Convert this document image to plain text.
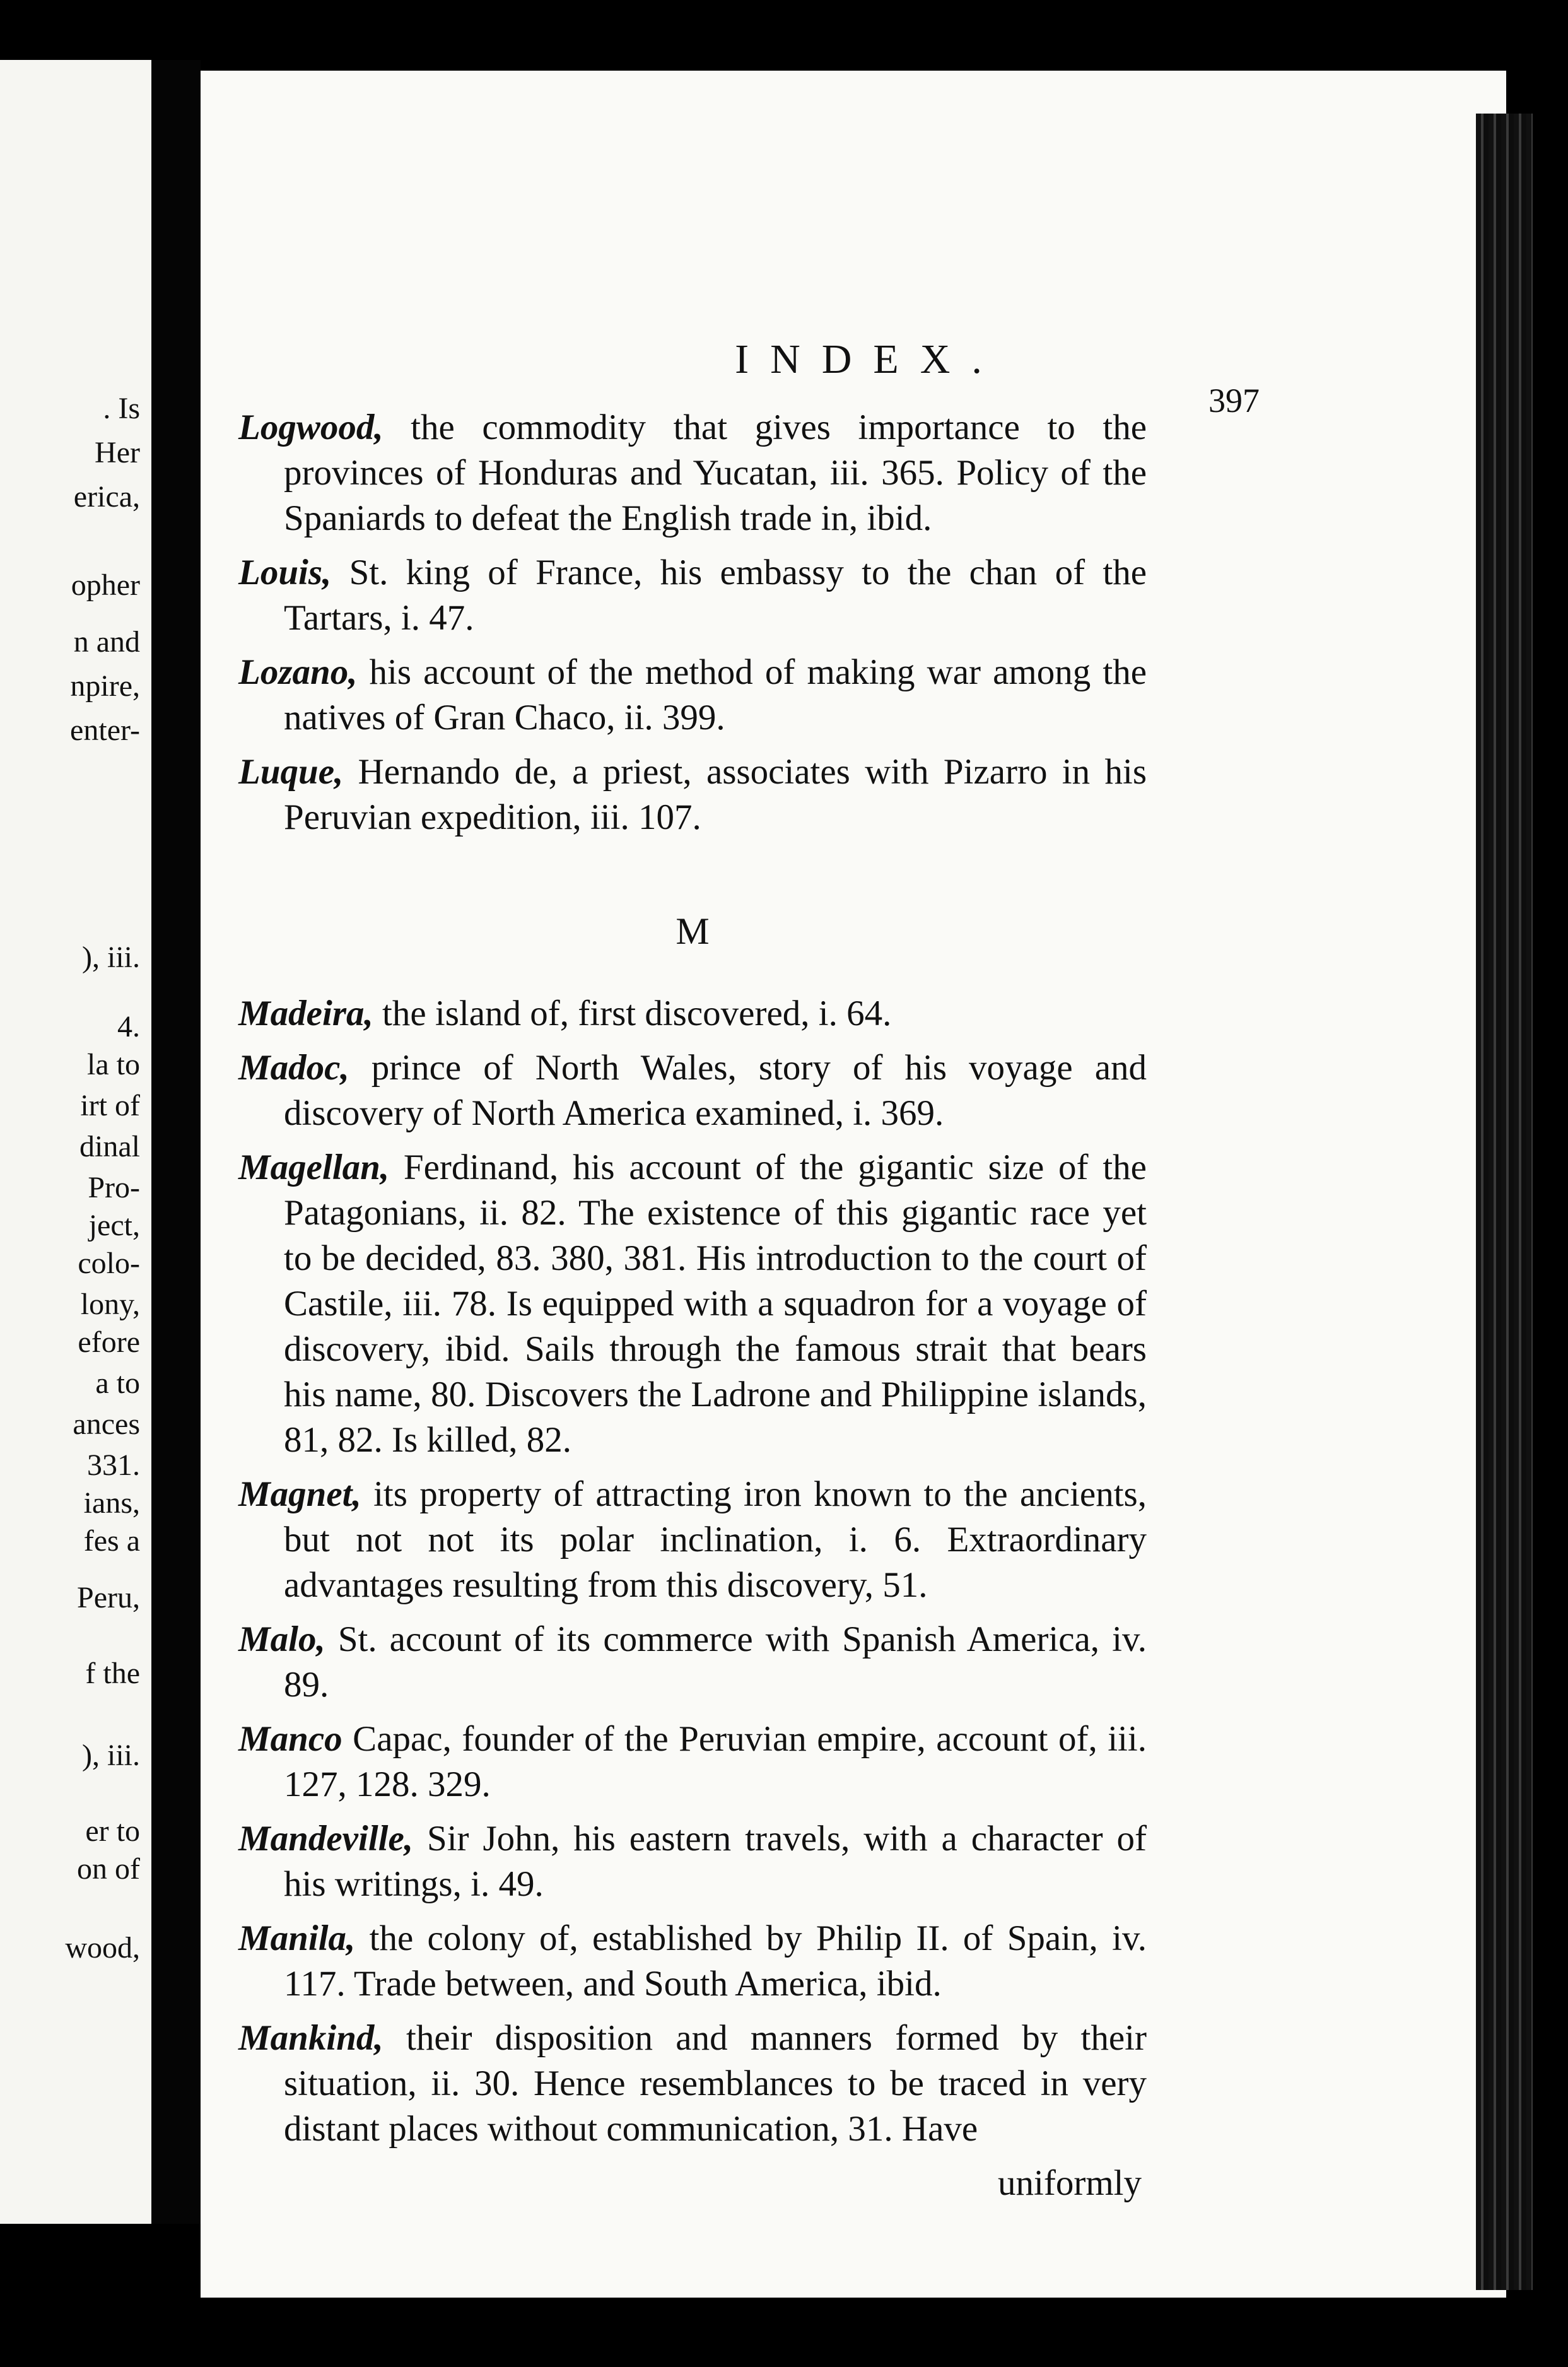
. Is
Her
erica,
opher
n and
npire,
enter-
), iii.
4.
la to
irt of
dinal
Pro-
ject,
colo-
lony,
efore
a to
ances
331.
ians,
fes a
Peru,
f the
), iii.
er to
on of
wood,
INDEX.
397

Logwood, the commodity that gives importance to the provinces of Honduras and Yucatan, iii. 365. Policy of the Spaniards to defeat the English trade in, ibid.

Louis, St. king of France, his embassy to the chan of the Tartars, i. 47.

Lozano, his account of the method of making war among the natives of Gran Chaco, ii. 399.

Luque, Hernando de, a priest, associates with Pizarro in his Peruvian expedition, iii. 107.

M

Madeira, the island of, first discovered, i. 64.

Madoc, prince of North Wales, story of his voyage and discovery of North America examined, i. 369.

Magellan, Ferdinand, his account of the gigantic size of the Patagonians, ii. 82. The existence of this gigantic race yet to be decided, 83. 380, 381. His introduction to the court of Castile, iii. 78. Is equipped with a squadron for a voyage of discovery, ibid. Sails through the famous strait that bears his name, 80. Discovers the Ladrone and Philippine islands, 81, 82. Is killed, 82.

Magnet, its property of attracting iron known to the ancients, but not not its polar inclination, i. 6. Extraordinary advantages resulting from this discovery, 51.

Malo, St. account of its commerce with Spanish America, iv. 89.

Manco Capac, founder of the Peruvian empire, account of, iii. 127, 128. 329.

Mandeville, Sir John, his eastern travels, with a character of his writings, i. 49.

Manila, the colony of, established by Philip II. of Spain, iv. 117. Trade between, and South America, ibid.

Mankind, their disposition and manners formed by their situation, ii. 30. Hence resemblances to be traced in very distant places without communication, 31. Have

uniformly
